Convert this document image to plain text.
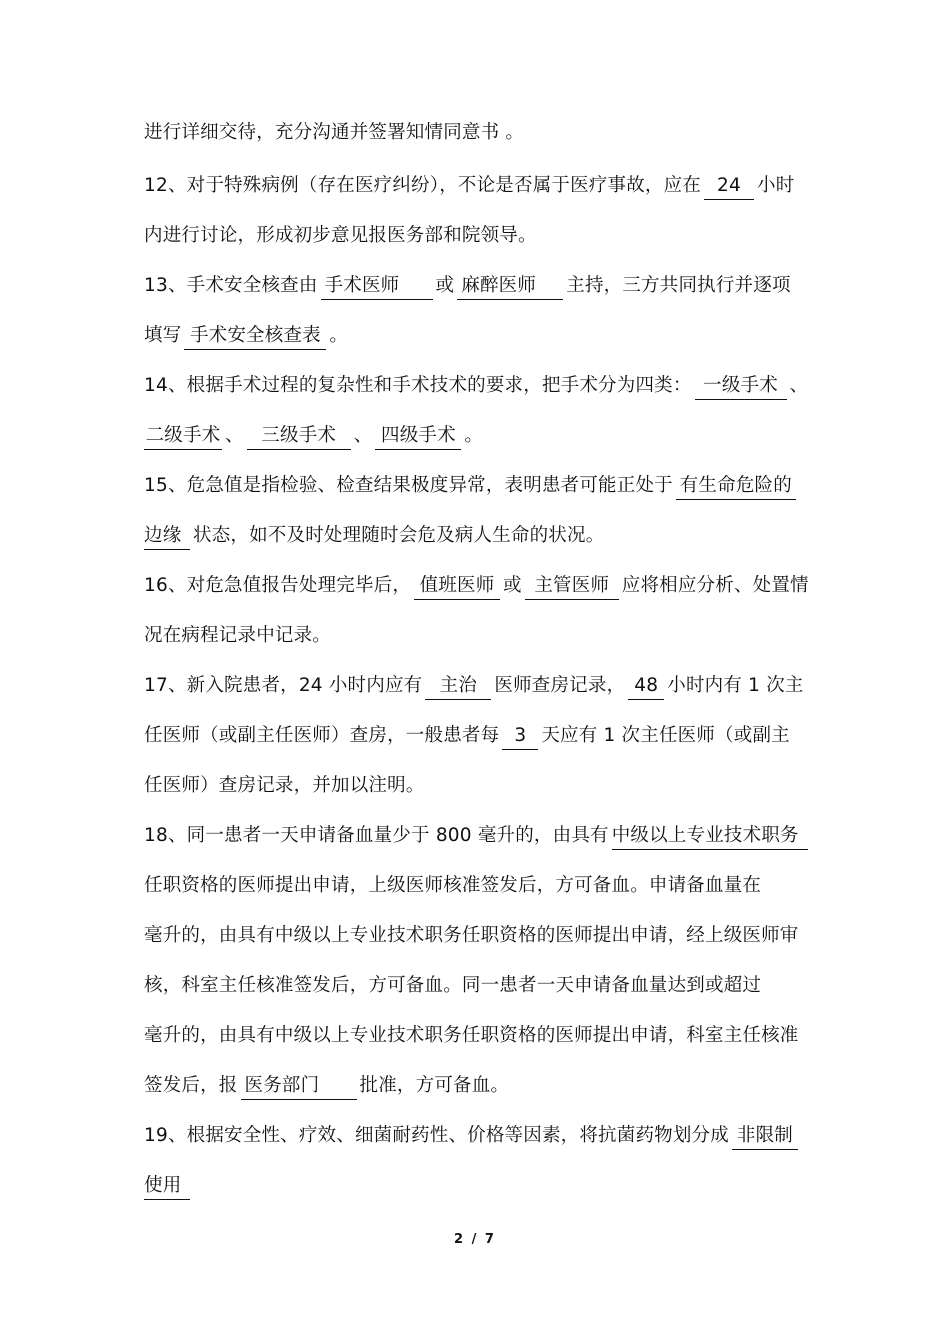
进行详细交待，充分沟通并签署知情同意书 。
12、对于特殊病例（存在医疗纠纷），不论是否属于医疗事故，应在 24 小时
内进行讨论，形成初步意见报医务部和院领导。
13、手术安全核查由 手术医师 或 麻醉医师 主持，三方共同执行并逐项
填写 手术安全核查表 。
14、根据手术过程的复杂性和手术技术的要求，把手术分为四类： 一级手术 、
二级手术 、 三级手术 、 四级手术 。
15、危急值是指检验、检查结果极度异常，表明患者可能正处于 有生命危险的
边缘 状态，如不及时处理随时会危及病人生命的状况。
16、对危急值报告处理完毕后， 值班医师 或 主管医师 应将相应分析、处置情
况在病程记录中记录。
17、新入院患者，24 小时内应有 主治 医师查房记录， 48 小时内有 1 次主
任医师（或副主任医师）查房，一般患者每 3 天应有 1 次主任医师（或副主
任医师）查房记录，并加以注明。
18、同一患者一天申请备血量少于 800 毫升的，由具有 中级以上专业技术职务
任职资格的医师提出申请，上级医师核准签发后，方可备血。申请备血量在
毫升的，由具有中级以上专业技术职务任职资格的医师提出申请，经上级医师审
核，科室主任核准签发后，方可备血。同一患者一天申请备血量达到或超过
毫升的，由具有中级以上专业技术职务任职资格的医师提出申请，科室主任核准
签发后，报 医务部门 批准，方可备血。
19、根据安全性、疗效、细菌耐药性、价格等因素，将抗菌药物划分成 非限制
使用
2 / 7
